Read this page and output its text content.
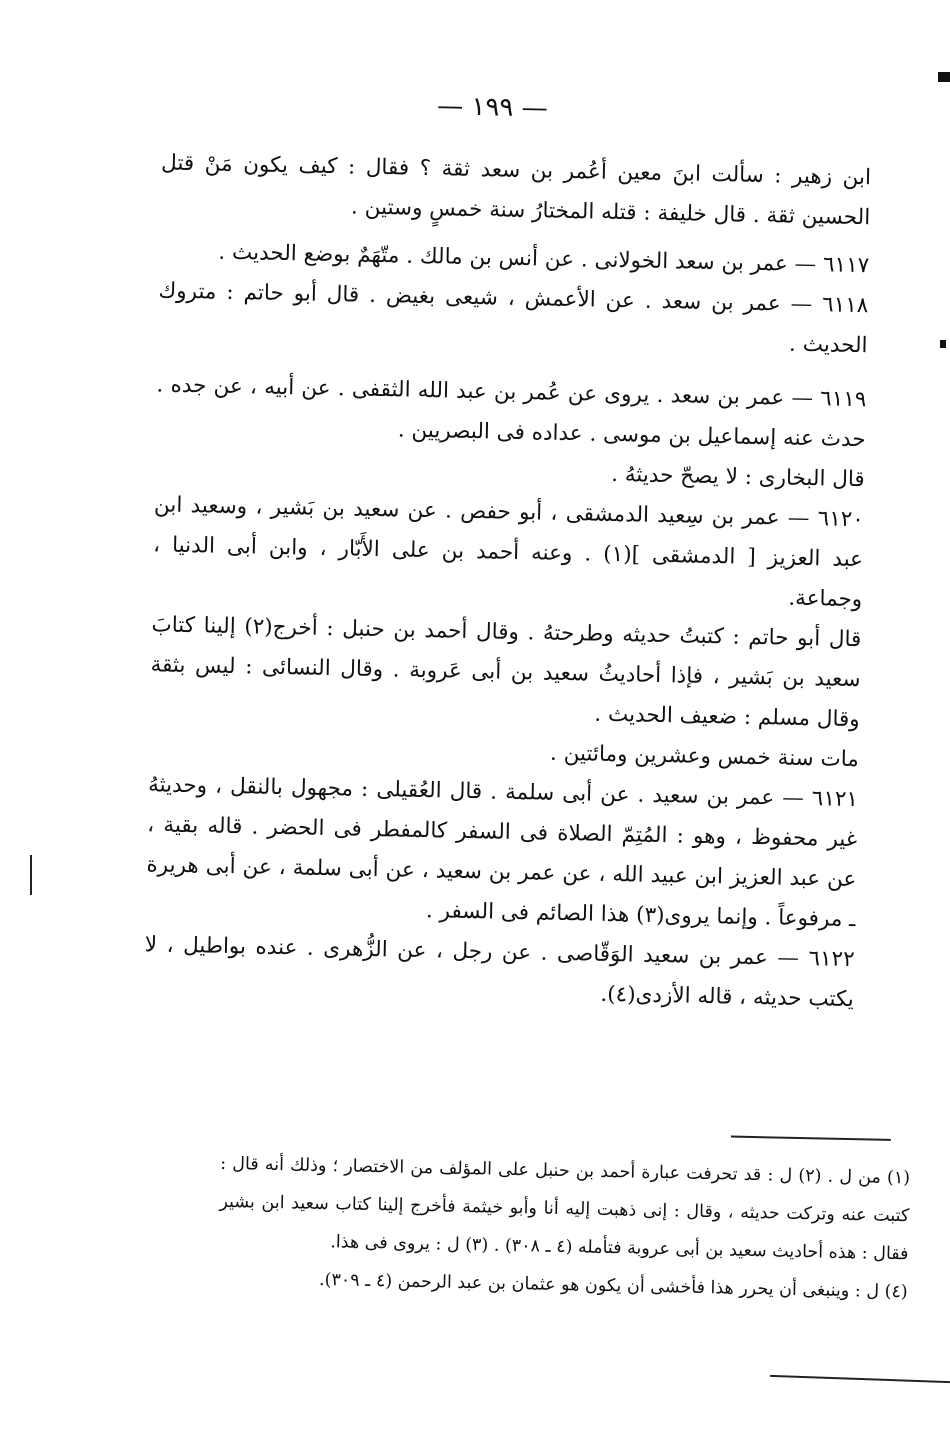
— ١٩٩ —

ابن زهير : سألت ابنَ معين أعُمر بن سعد ثقة ؟ فقال : كيف يكون مَنْ قتل الحسين ثقة . قال خليفة : قتله المختارُ سنة خمسٍ وستين .

٦١١٧ — عمر بن سعد الخولانى . عن أنس بن مالك . متّهَمٌ بوضع الحديث .

٦١١٨ — عمر بن سعد . عن الأعمش ، شيعى بغيض . قال أبو حاتم : متروك الحديث .

٦١١٩ — عمر بن سعد . يروى عن عُمر بن عبد الله الثقفى . عن أبيه ، عن جده . حدث عنه إسماعيل بن موسى . عداده فى البصريين .

قال البخارى : لا يصحّ حديثهُ .

٦١٢٠ — عمر بن سِعيد الدمشقى ، أبو حفص . عن سعيد بن بَشير ، وسعيد ابن عبد العزيز [ الدمشقى ](١) . وعنه أحمد بن على الأَبّار ، وابن أبى الدنيا ، وجماعة.

قال أبو حاتم : كتبتُ حديثه وطرحتهُ . وقال أحمد بن حنبل : أخرج(٢) إلينا كتابَ سعيد بن بَشير ، فإذا أحاديثُ سعيد بن أبى عَروبة . وقال النسائى : ليس بثقة وقال مسلم : ضعيف الحديث .

مات سنة خمس وعشرين ومائتين .

٦١٢١ — عمر بن سعيد . عن أبى سلمة . قال العُقيلى : مجهول بالنقل ، وحديثهُ غير محفوظ ، وهو : المُتِمّ الصلاة فى السفر كالمفطر فى الحضر . قاله بقية ، عن عبد العزيز ابن عبيد الله ، عن عمر بن سعيد ، عن أبى سلمة ، عن أبى هريرة ـ مرفوعاً . وإنما يروى(٣) هذا الصائم فى السفر .

٦١٢٢ — عمر بن سعيد الوَقّاصى . عن رجل ، عن الزُّهرى . عنده بواطيل ، لا يكتب حديثه ، قاله الأزدى(٤).

(١) من ل . (٢) ل : قد تحرفت عبارة أحمد بن حنبل على المؤلف من الاختصار ؛ وذلك أنه قال : كتبت عنه وتركت حديثه ، وقال : إنى ذهبت إليه أنا وأبو خيثمة فأخرج إلينا كتاب سعيد ابن بشير فقال : هذه أحاديث سعيد بن أبى عروبة فتأمله (٤ ـ ٣٠٨) . (٣) ل : يروى فى هذا.

(٤) ل : وينبغى أن يحرر هذا فأخشى أن يكون هو عثمان بن عبد الرحمن (٤ ـ ٣٠٩).
